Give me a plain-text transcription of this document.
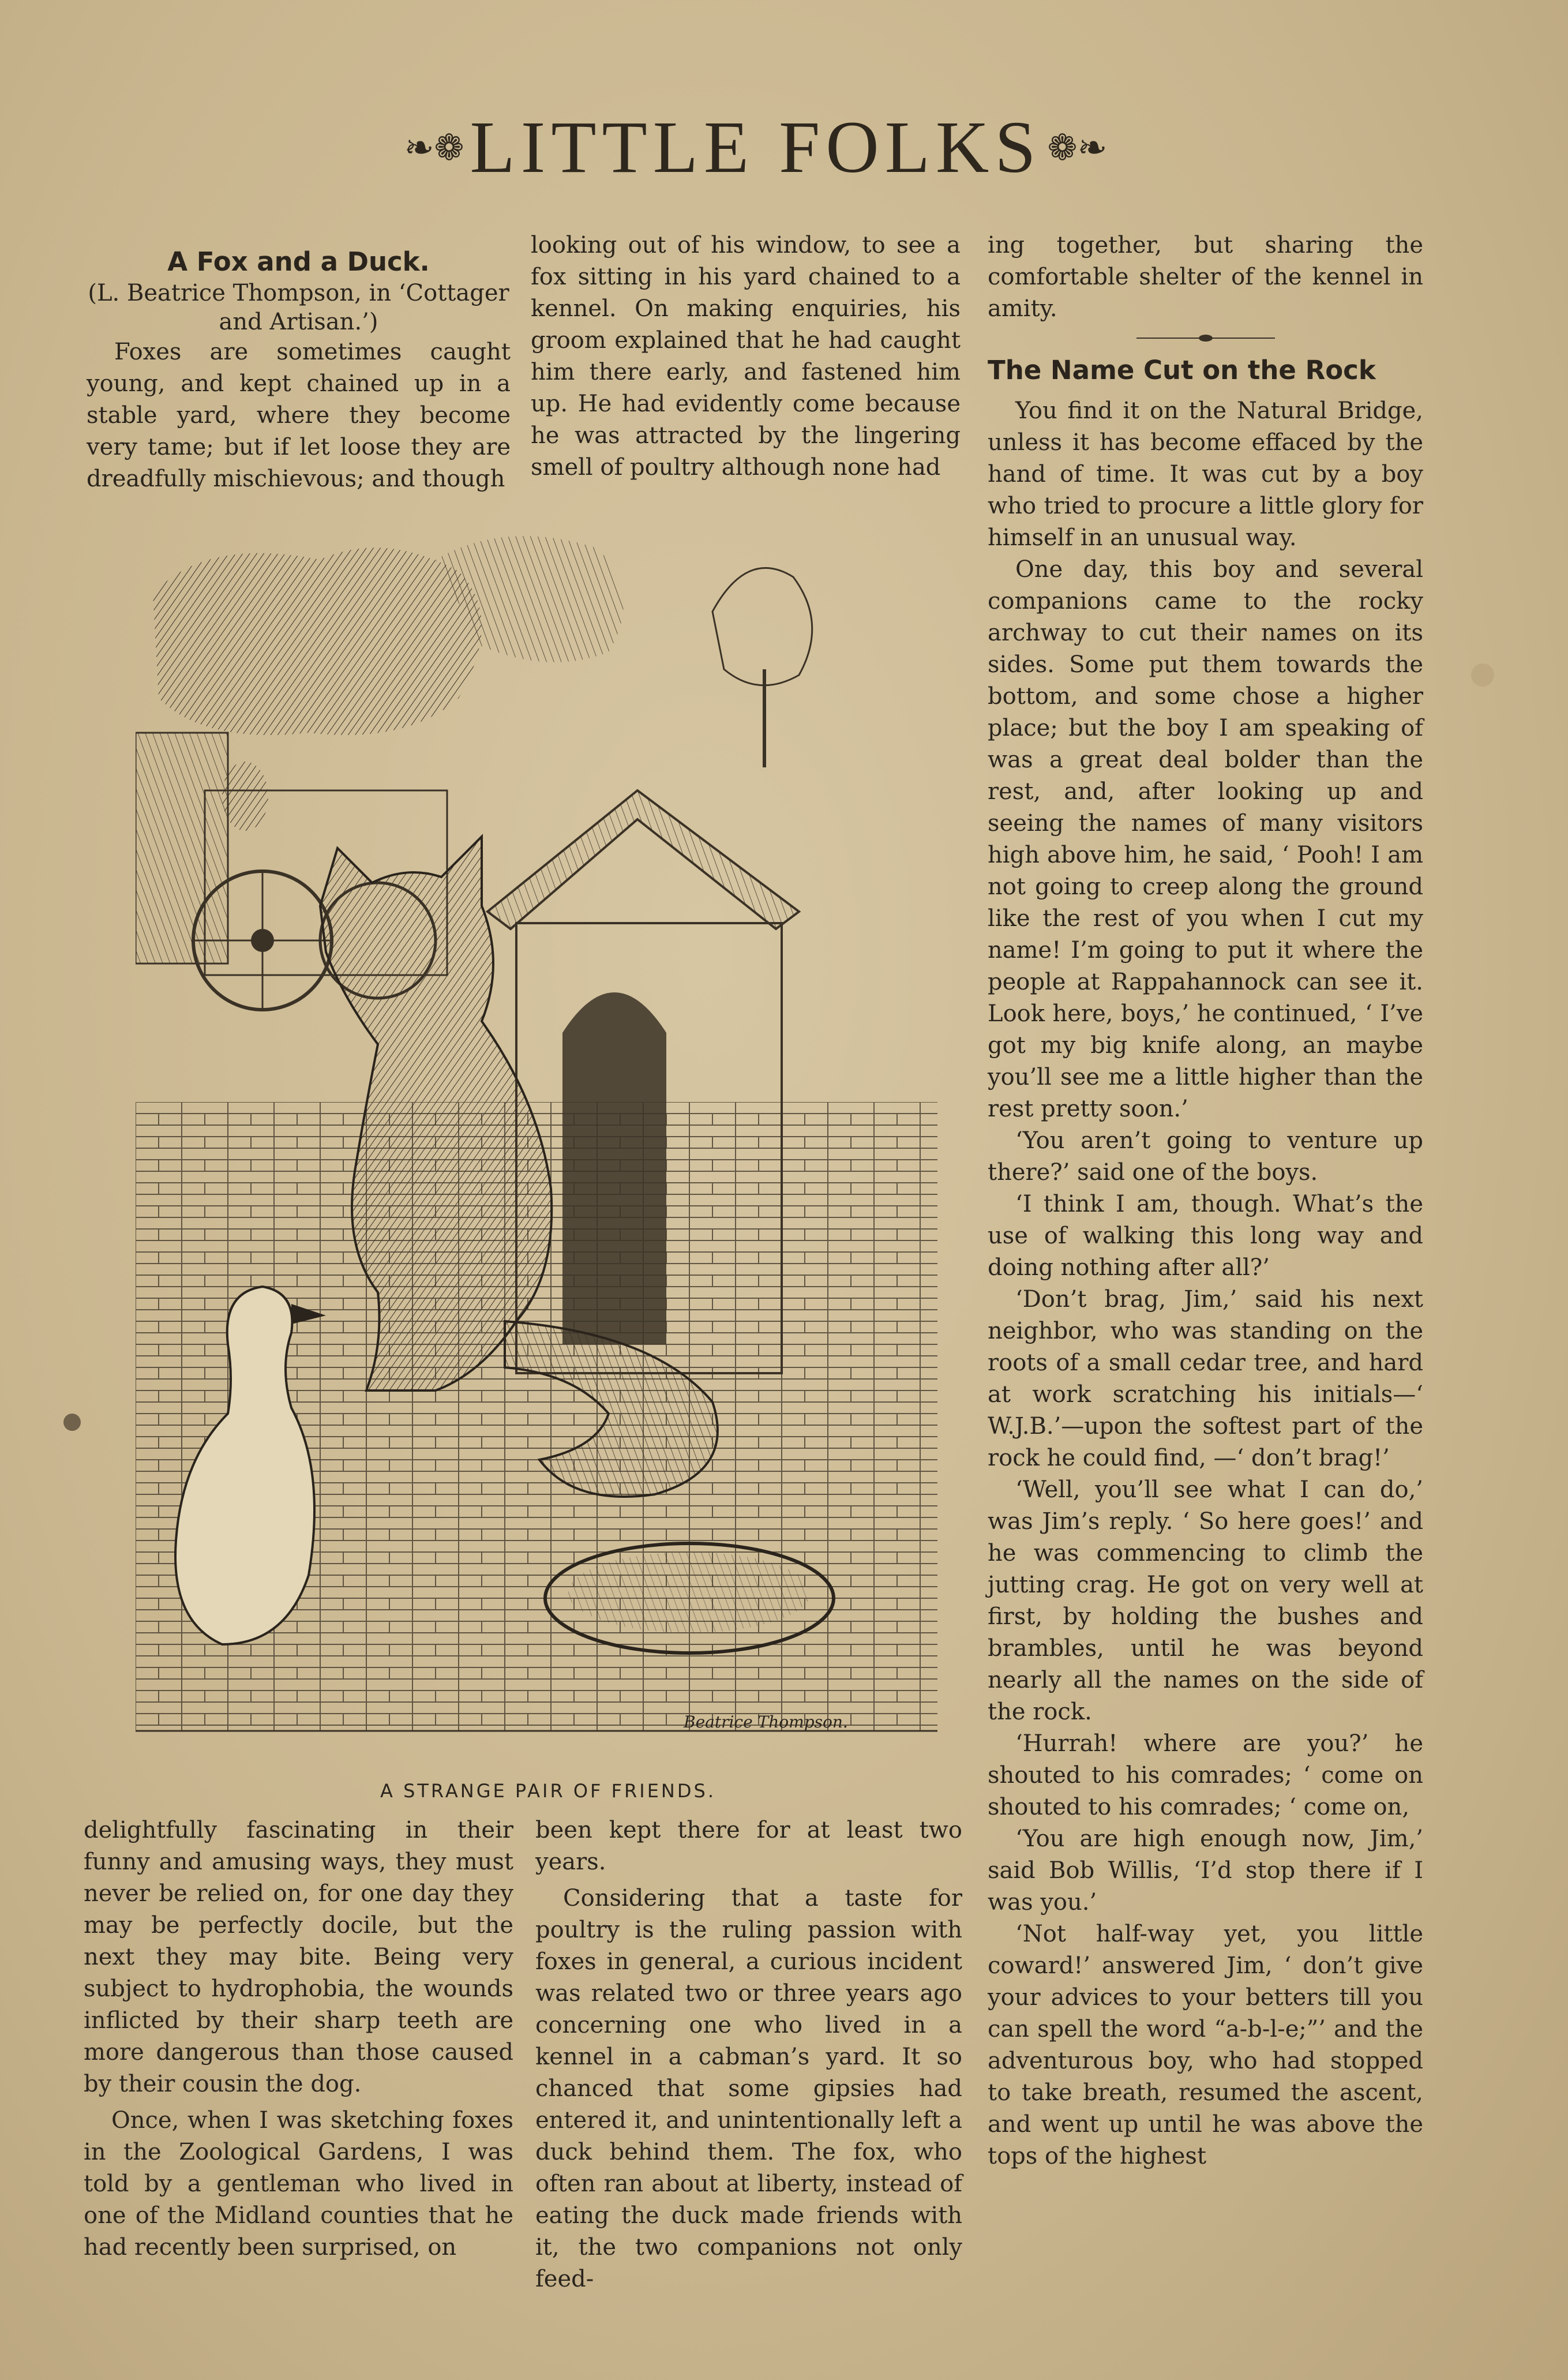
❧❁ LITTLE FOLKS ❁❧
A Fox and a Duck.

(L. Beatrice Thompson, in ‘Cottager

and Artisan.’)

Foxes are sometimes caught young, and kept chained up in a stable yard, where they become very tame; but if let loose they are dreadfully mischievous; and though

looking out of his window, to see a fox sitting in his yard chained to a kennel. On making enquiries, his groom explained that he had caught him there early, and fastened him up. He had evidently come because he was attracted by the lingering smell of poultry although none had

ing together, but sharing the comfortable shelter of the kennel in amity.

The Name Cut on the Rock

You find it on the Natural Bridge, unless it has become effaced by the hand of time. It was cut by a boy who tried to procure a little glory for himself in an unusual way.

One day, this boy and several companions came to the rocky archway to cut their names on its sides. Some put them towards the bottom, and some chose a higher place; but the boy I am speaking of was a great deal bolder than the rest, and, after looking up and seeing the names of many visitors high above him, he said, ‘ Pooh! I am not going to creep along the ground like the rest of you when I cut my name! I’m going to put it where the people at Rappahannock can see it. Look here, boys,’ he continued, ‘ I’ve got my big knife along, an maybe you’ll see me a little higher than the rest pretty soon.’

‘You aren’t going to venture up there?’ said one of the boys.

‘I think I am, though. What’s the use of walking this long way and doing nothing after all?’

‘Don’t brag, Jim,’ said his next neighbor, who was standing on the roots of a small cedar tree, and hard at work scratching his initials—‘ W.J.B.’—upon the softest part of the rock he could find, —‘ don’t brag!’

‘Well, you’ll see what I can do,’ was Jim’s reply. ‘ So here goes!’ and he was commencing to climb the jutting crag. He got on very well at first, by holding the bushes and brambles, until he was beyond nearly all the names on the side of the rock.

‘Hurrah! where are you?’ he shouted to his comrades; ‘ come on shouted to his comrades; ‘ come on,

‘You are high enough now, Jim,’ said Bob Willis, ‘I’d stop there if I was you.’

‘Not half-way yet, you little coward!’ answered Jim, ‘ don’t give your advices to your betters till you can spell the word “a-b-l-e;”’ and the adventurous boy, who had stopped to take breath, resumed the ascent, and went up until he was above the tops of the highest

Beatrice Thompson.
A STRANGE PAIR OF FRIENDS.

delightfully fascinating in their funny and amusing ways, they must never be relied on, for one day they may be perfectly docile, but the next they may bite. Being very subject to hydrophobia, the wounds inflicted by their sharp teeth are more dangerous than those caused by their cousin the dog.

Once, when I was sketching foxes in the Zoological Gardens, I was told by a gentleman who lived in one of the Midland counties that he had recently been surprised, on

been kept there for at least two years.

Considering that a taste for poultry is the ruling passion with foxes in general, a curious incident was related two or three years ago concerning one who lived in a kennel in a cabman’s yard. It so chanced that some gipsies had entered it, and unintentionally left a duck behind them. The fox, who often ran about at liberty, instead of eating the duck made friends with it, the two companions not only feed-
